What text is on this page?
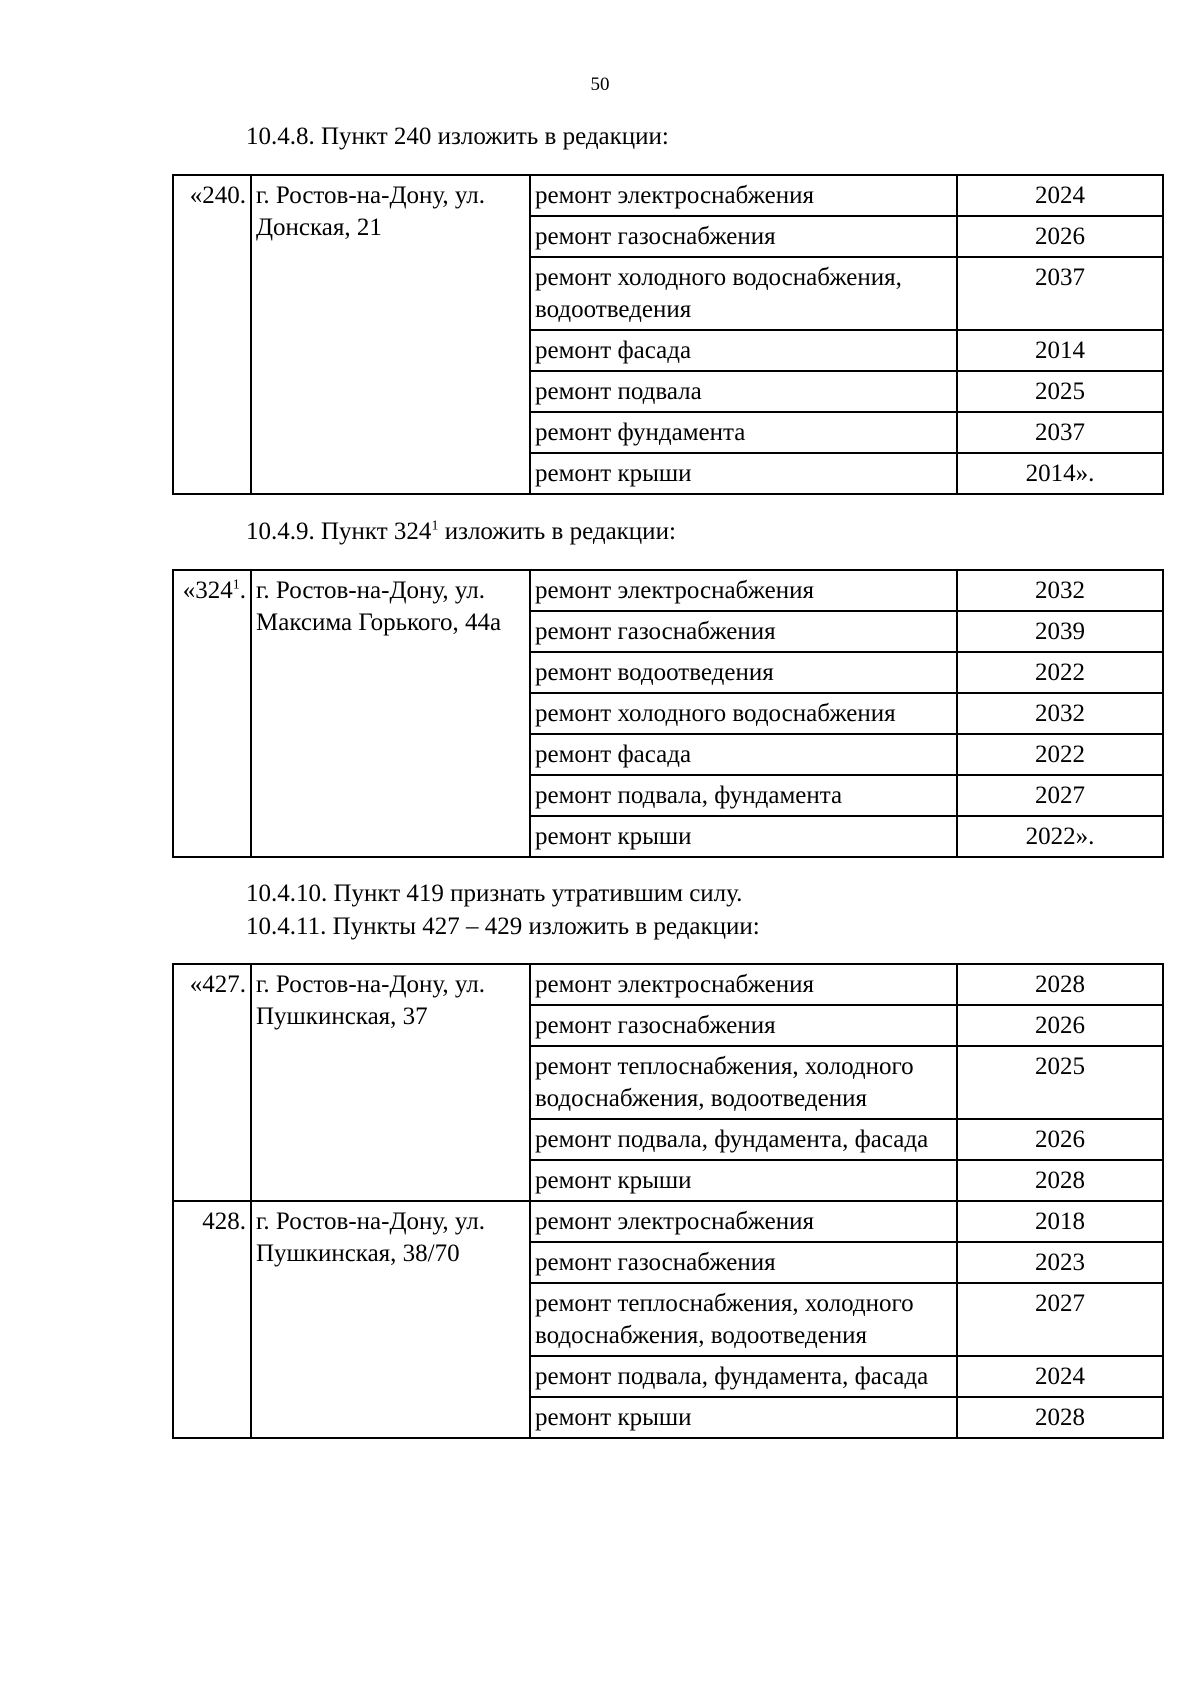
50
10.4.8. Пункт 240 изложить в редакции:
«240.	г. Ростов-на-Дону, ул. Донская, 21	ремонт электроснабжения	2024
		ремонт газоснабжения	2026
		ремонт холодного водоснабжения, водоотведения	2037
		ремонт фасада	2014
		ремонт подвала	2025
		ремонт фундамента	2037
		ремонт крыши	2014».
10.4.9. Пункт $324^1$ изложить в редакции:
«$324^1$.	г. Ростов-на-Дону, ул. Максима Горького, 44а	ремонт электроснабжения	2032
		ремонт газоснабжения	2039
		ремонт водоотведения	2022
		ремонт холодного водоснабжения	2032
		ремонт фасада	2022
		ремонт подвала, фундамента	2027
		ремонт крыши	2022».
10.4.10. Пункт 419 признать утратившим силу.
10.4.11. Пункты 427 – 429 изложить в редакции:
«427.	г. Ростов-на-Дону, ул. Пушкинская, 37	ремонт электроснабжения	2028
		ремонт газоснабжения	2026
		ремонт теплоснабжения, холодного водоснабжения, водоотведения	2025
		ремонт подвала, фундамента, фасада	2026
		ремонт крыши	2028
428.	г. Ростов-на-Дону, ул. Пушкинская, 38/70	ремонт электроснабжения	2018
		ремонт газоснабжения	2023
		ремонт теплоснабжения, холодного водоснабжения, водоотведения	2027
		ремонт подвала, фундамента, фасада	2024
		ремонт крыши	2028
